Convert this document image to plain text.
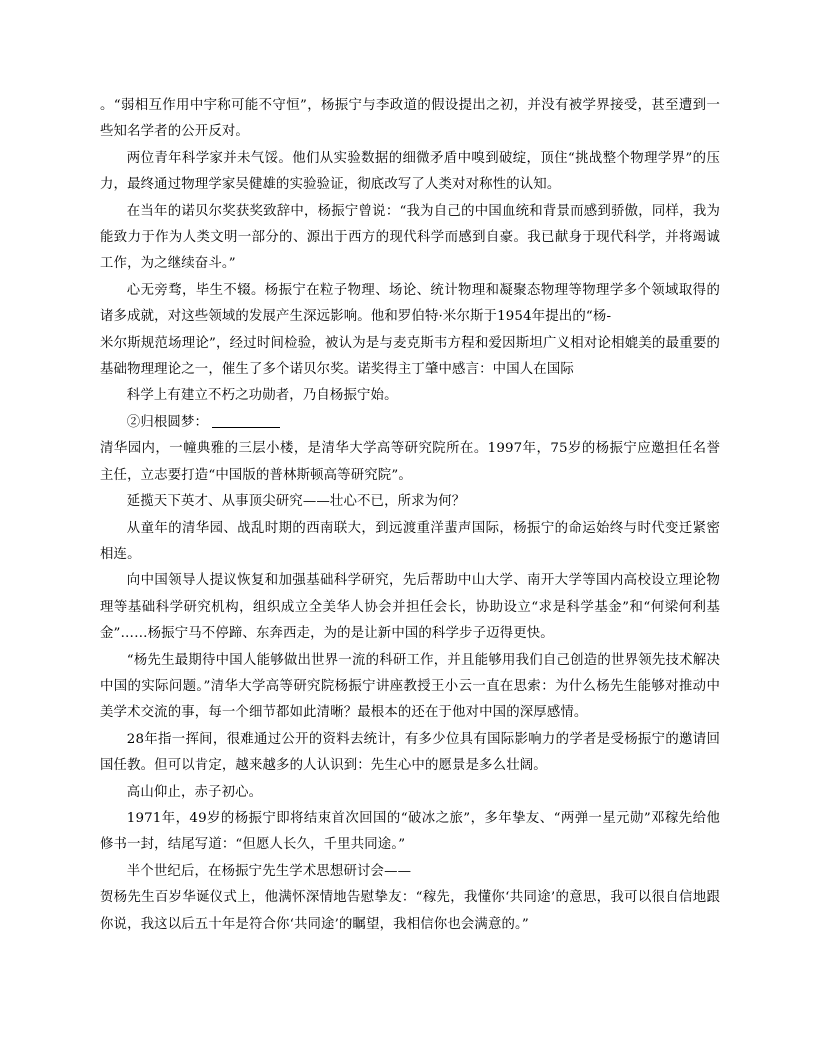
。“弱相互作用中宇称可能不守恒”，杨振宁与李政道的假设提出之初，并没有被学界接受，甚至遭到一些知名学者的公开反对。

两位青年科学家并未气馁。他们从实验数据的细微矛盾中嗅到破绽，顶住“挑战整个物理学界”的压力，最终通过物理学家吴健雄的实验验证，彻底改写了人类对对称性的认知。

在当年的诺贝尔奖获奖致辞中，杨振宁曾说：“我为自己的中国血统和背景而感到骄傲，同样，我为能致力于作为人类文明一部分的、源出于西方的现代科学而感到自豪。我已献身于现代科学，并将竭诚工作，为之继续奋斗。”

心无旁骛，毕生不辍。杨振宁在粒子物理、场论、统计物理和凝聚态物理等物理学多个领域取得的诸多成就，对这些领域的发展产生深远影响。他和罗伯特·米尔斯于1954年提出的“杨-

米尔斯规范场理论”，经过时间检验，被认为是与麦克斯韦方程和爱因斯坦广义相对论相媲美的最重要的基础物理理论之一，催生了多个诺贝尔奖。诺奖得主丁肇中感言：中国人在国际

科学上有建立不朽之功勋者，乃自杨振宁始。

②归根圆梦：

清华园内，一幢典雅的三层小楼，是清华大学高等研究院所在。1997年，75岁的杨振宁应邀担任名誉主任，立志要打造“中国版的普林斯顿高等研究院”。

延揽天下英才、从事顶尖研究——壮心不已，所求为何？

从童年的清华园、战乱时期的西南联大，到远渡重洋蜚声国际，杨振宁的命运始终与时代变迁紧密相连。

向中国领导人提议恢复和加强基础科学研究，先后帮助中山大学、南开大学等国内高校设立理论物理等基础科学研究机构，组织成立全美华人协会并担任会长，协助设立“求是科学基金”和“何梁何利基金”……杨振宁马不停蹄、东奔西走，为的是让新中国的科学步子迈得更快。

“杨先生最期待中国人能够做出世界一流的科研工作，并且能够用我们自己创造的世界领先技术解决中国的实际问题。”清华大学高等研究院杨振宁讲座教授王小云一直在思索：为什么杨先生能够对推动中美学术交流的事，每一个细节都如此清晰？最根本的还在于他对中国的深厚感情。

28年指一挥间，很难通过公开的资料去统计，有多少位具有国际影响力的学者是受杨振宁的邀请回国任教。但可以肯定，越来越多的人认识到：先生心中的愿景是多么壮阔。

高山仰止，赤子初心。

1971年，49岁的杨振宁即将结束首次回国的“破冰之旅”，多年挚友、“两弹一星元勋”邓稼先给他修书一封，结尾写道：“但愿人长久，千里共同途。”

半个世纪后，在杨振宁先生学术思想研讨会——

贺杨先生百岁华诞仪式上，他满怀深情地告慰挚友：“稼先，我懂你‘共同途’的意思，我可以很自信地跟你说，我这以后五十年是符合你‘共同途’的瞩望，我相信你也会满意的。”
